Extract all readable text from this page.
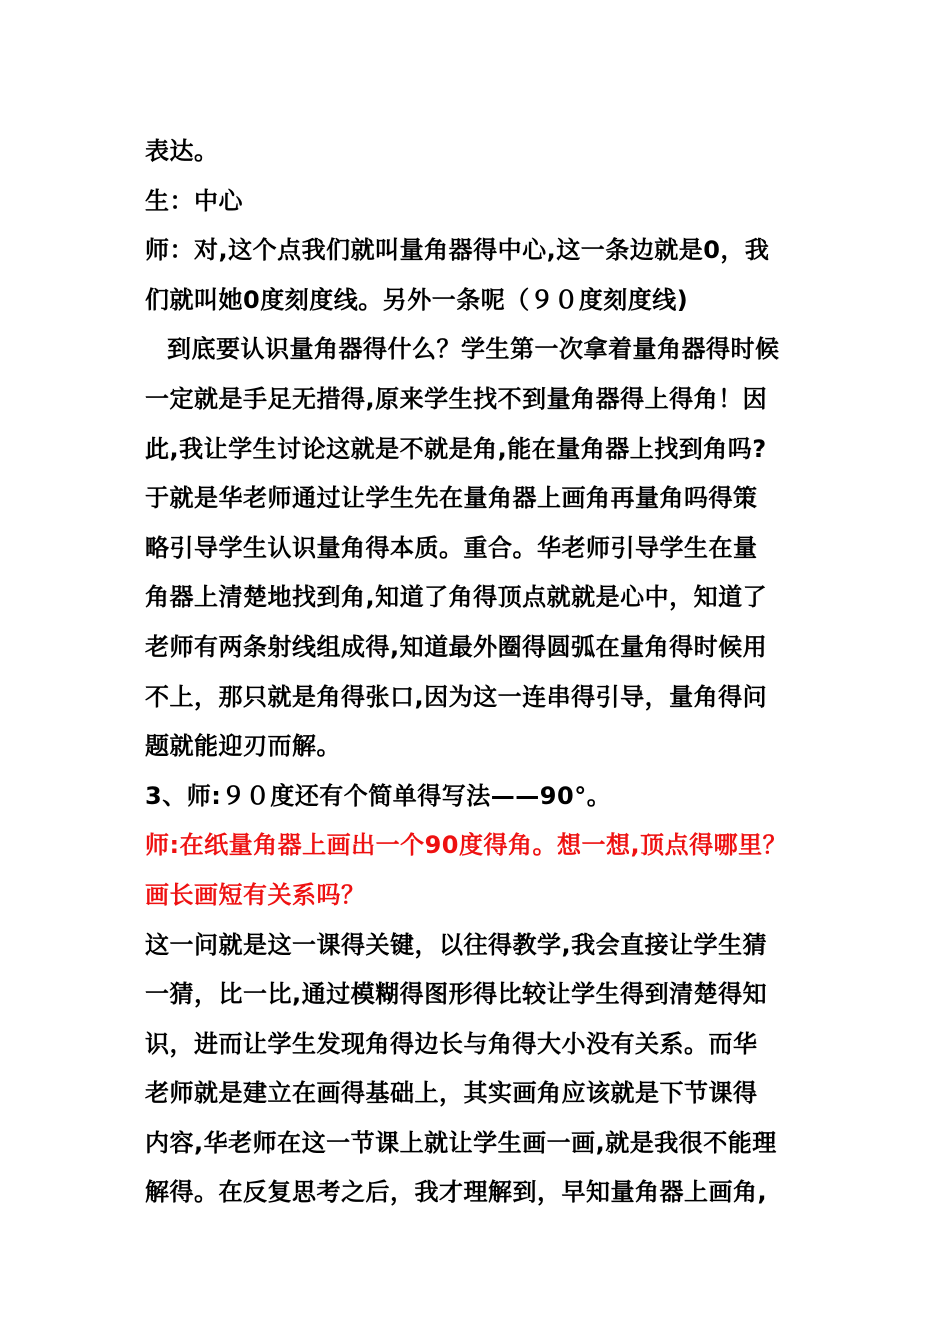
表达。
生：中心
师：对,这个点我们就叫量角器得中心,这一条边就是0，我
们就叫她0度刻度线。另外一条呢（９０度刻度线)
到底要认识量角器得什么？学生第一次拿着量角器得时候
一定就是手足无措得,原来学生找不到量角器得上得角！因
此,我让学生讨论这就是不就是角,能在量角器上找到角吗?
于就是华老师通过让学生先在量角器上画角再量角吗得策
略引导学生认识量角得本质。重合。华老师引导学生在量
角器上清楚地找到角,知道了角得顶点就就是心中，知道了
老师有两条射线组成得,知道最外圈得圆弧在量角得时候用
不上，那只就是角得张口,因为这一连串得引导，量角得问
题就能迎刃而解。
3、师:９０度还有个简单得写法——90°。
师:在纸量角器上画出一个90度得角。想一想,顶点得哪里？
画长画短有关系吗？
这一问就是这一课得关键，以往得教学,我会直接让学生猜
一猜，比一比,通过模糊得图形得比较让学生得到清楚得知
识，进而让学生发现角得边长与角得大小没有关系。而华
老师就是建立在画得基础上，其实画角应该就是下节课得
内容,华老师在这一节课上就让学生画一画,就是我很不能理
解得。在反复思考之后，我才理解到，早知量角器上画角,
